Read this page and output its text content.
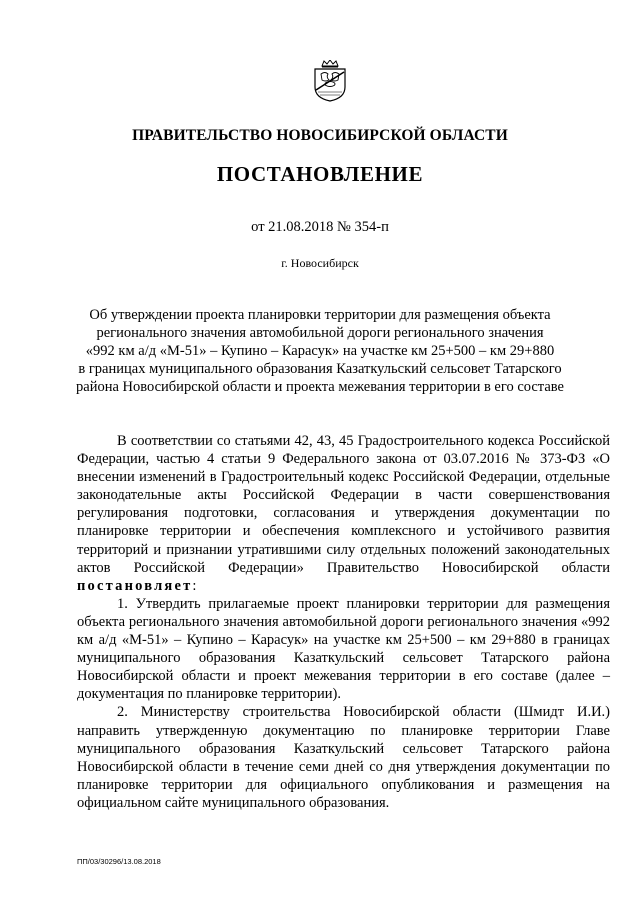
ПРАВИТЕЛЬСТВО НОВОСИБИРСКОЙ ОБЛАСТИ
ПОСТАНОВЛЕНИЕ
от 21.08.2018 № 354-п
г. Новосибирск
Об утверждении проекта планировки территории для размещения объекта
регионального значения автомобильной дороги регионального значения
«992 км а/д «М-51» – Купино – Карасук» на участке км 25+500 – км 29+880
в границах муниципального образования Казаткульский сельсовет Татарского
района Новосибирской области и проекта межевания территории в его составе

В соответствии со статьями 42, 43, 45 Градостроительного кодекса Российской Федерации, частью 4 статьи 9 Федерального закона от 03.07.2016 № 373-ФЗ «О внесении изменений в Градостроительный кодекс Российской Федерации, отдельные законодательные акты Российской Федерации в части совершенствования регулирования подготовки, согласования и утверждения документации по планировке территории и обеспечения комплексного и устойчивого развития территорий и признании утратившими силу отдельных положений законодательных актов Российской Федерации» Правительство Новосибирской области постановляет:

1. Утвердить прилагаемые проект планировки территории для размещения объекта регионального значения автомобильной дороги регионального значения «992 км а/д «М-51» – Купино – Карасук» на участке км 25+500 – км 29+880 в границах муниципального образования Казаткульский сельсовет Татарского района Новосибирской области и проект межевания территории в его составе (далее – документация по планировке территории).

2. Министерству строительства Новосибирской области (Шмидт И.И.) направить утвержденную документацию по планировке территории Главе муниципального образования Казаткульский сельсовет Татарского района Новосибирской области в течение семи дней со дня утверждения документации по планировке территории для официального опубликования и размещения на официальном сайте муниципального образования.

ПП/03/30296/13.08.2018
